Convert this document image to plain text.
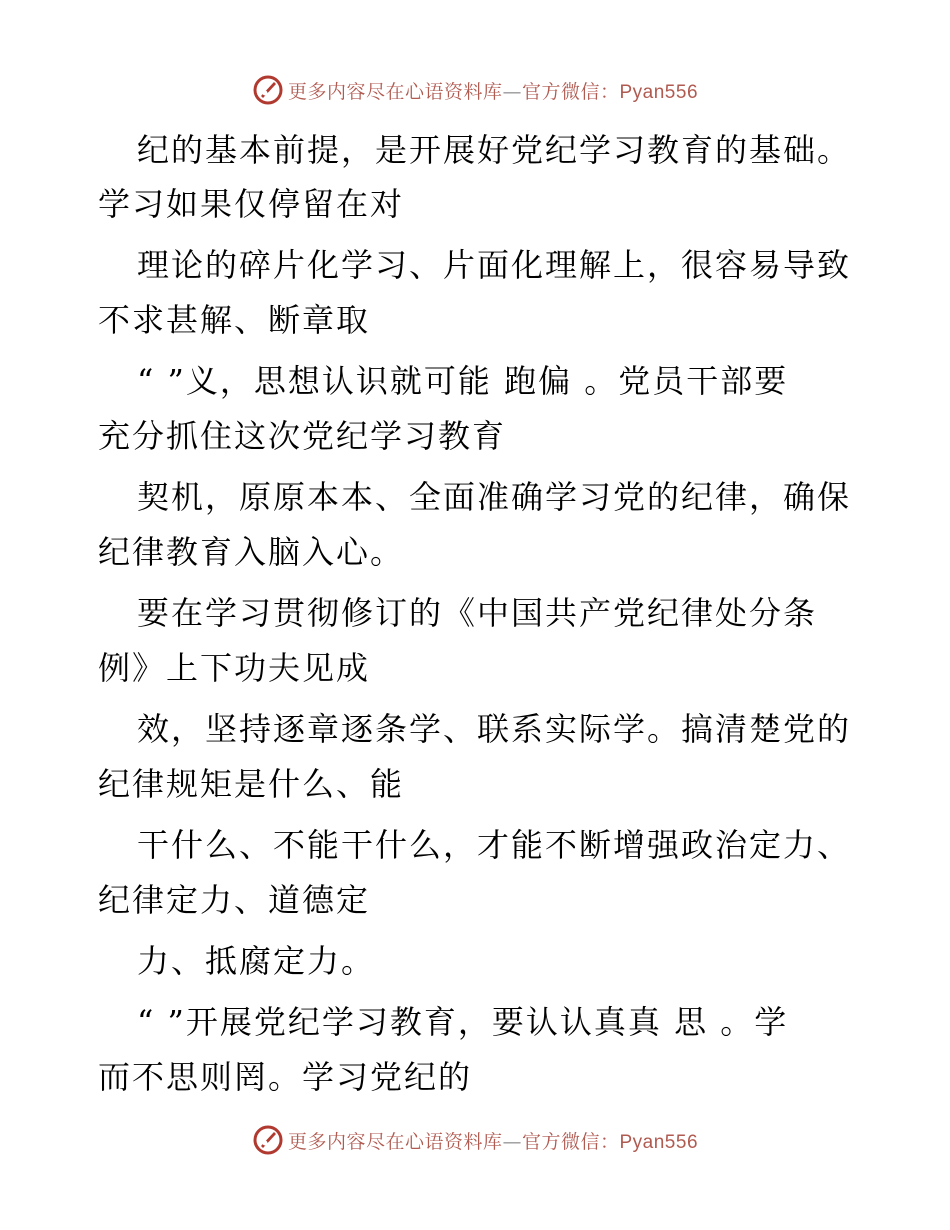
更多内容尽在心语资料库—官方微信：Pyan556
纪的基本前提，是开展好党纪学习教育的基础。
学习如果仅停留在对
理论的碎片化学习、片面化理解上，很容易导致
不求甚解、断章取
“ ”义，思想认识就可能 跑偏 。党员干部要
充分抓住这次党纪学习教育
契机，原原本本、全面准确学习党的纪律，确保
纪律教育入脑入心。
要在学习贯彻修订的《中国共产党纪律处分条
例》上下功夫见成
效，坚持逐章逐条学、联系实际学。搞清楚党的
纪律规矩是什么、能
干什么、不能干什么，才能不断增强政治定力、
纪律定力、道德定
力、抵腐定力。
“ ”开展党纪学习教育，要认认真真 思 。学
而不思则罔。学习党纪的
更多内容尽在心语资料库—官方微信：Pyan556
